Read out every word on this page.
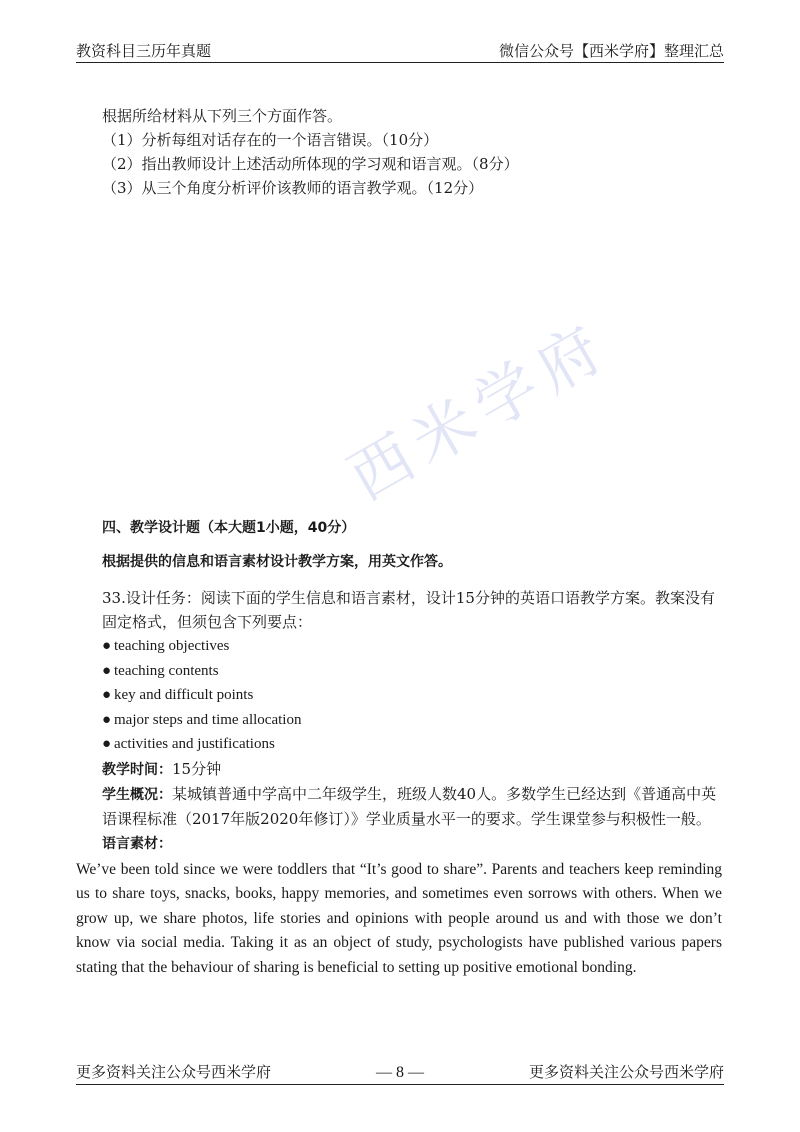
教资科目三历年真题	微信公众号【西米学府】整理汇总
西米学府
根据所给材料从下列三个方面作答。
（1）分析每组对话存在的一个语言错误。（10分）
（2）指出教师设计上述活动所体现的学习观和语言观。（8分）
（3）从三个角度分析评价该教师的语言教学观。（12分）
四、教学设计题（本大题1小题，40分）
根据提供的信息和语言素材设计教学方案，用英文作答。
33.设计任务：阅读下面的学生信息和语言素材，设计15分钟的英语口语教学方案。教案没有固定格式，但须包含下列要点：
● teaching objectives
● teaching contents
● key and difficult points
● major steps and time allocation
● activities and justifications
教学时间：15分钟
学生概况：某城镇普通中学高中二年级学生，班级人数40人。多数学生已经达到《普通高中英语课程标准（2017年版2020年修订）》学业质量水平一的要求。学生课堂参与积极性一般。
语言素材：
We’ve been told since we were toddlers that “It’s good to share”. Parents and teachers keep reminding us to share toys, snacks, books, happy memories, and sometimes even sorrows with others. When we grow up, we share photos, life stories and opinions with people around us and with those we don’t know via social media. Taking it as an object of study, psychologists have published various papers stating that the behaviour of sharing is beneficial to setting up positive emotional bonding.
更多资料关注公众号西米学府	— 8 —	更多资料关注公众号西米学府
